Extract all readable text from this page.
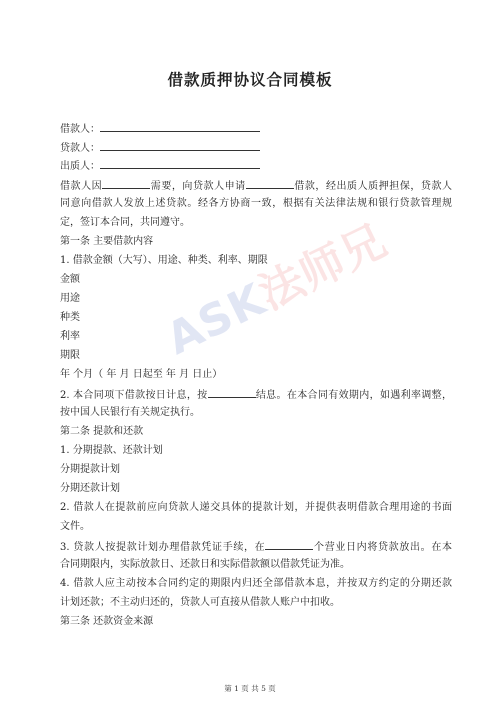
借款质押协议合同模板
借款人：
贷款人：
出质人：
借款人因	需要，向贷款人申请	借款，经出质人质押担保，贷款人
同意向借款人发放上述贷款。经各方协商一致，根据有关法律法规和银行贷款管理规
定，签订本合同，共同遵守。
第一条 主要借款内容
1. 借款金额（大写）、用途、种类、利率、期限
金额
用途
种类
利率
期限
年 个月（ 年 月 日起至 年 月 日止）
2. 本合同项下借款按日计息，按	结息。在本合同有效期内，如遇利率调整，
按中国人民银行有关规定执行。
第二条 提款和还款
1. 分期提款、还款计划
分期提款计划
分期还款计划
2. 借款人在提款前应向贷款人递交具体的提款计划，并提供表明借款合理用途的书面
文件。
3. 贷款人按提款计划办理借款凭证手续，在	个营业日内将贷款放出。在本
合同期限内，实际放款日、还款日和实际借款额以借款凭证为准。
4. 借款人应主动按本合同约定的期限内归还全部借款本息，并按双方约定的分期还款
计划还款；不主动归还的，贷款人可直接从借款人账户中扣收。
第三条 还款资金来源
ASK法师兄
第 1 页 共 5 页
